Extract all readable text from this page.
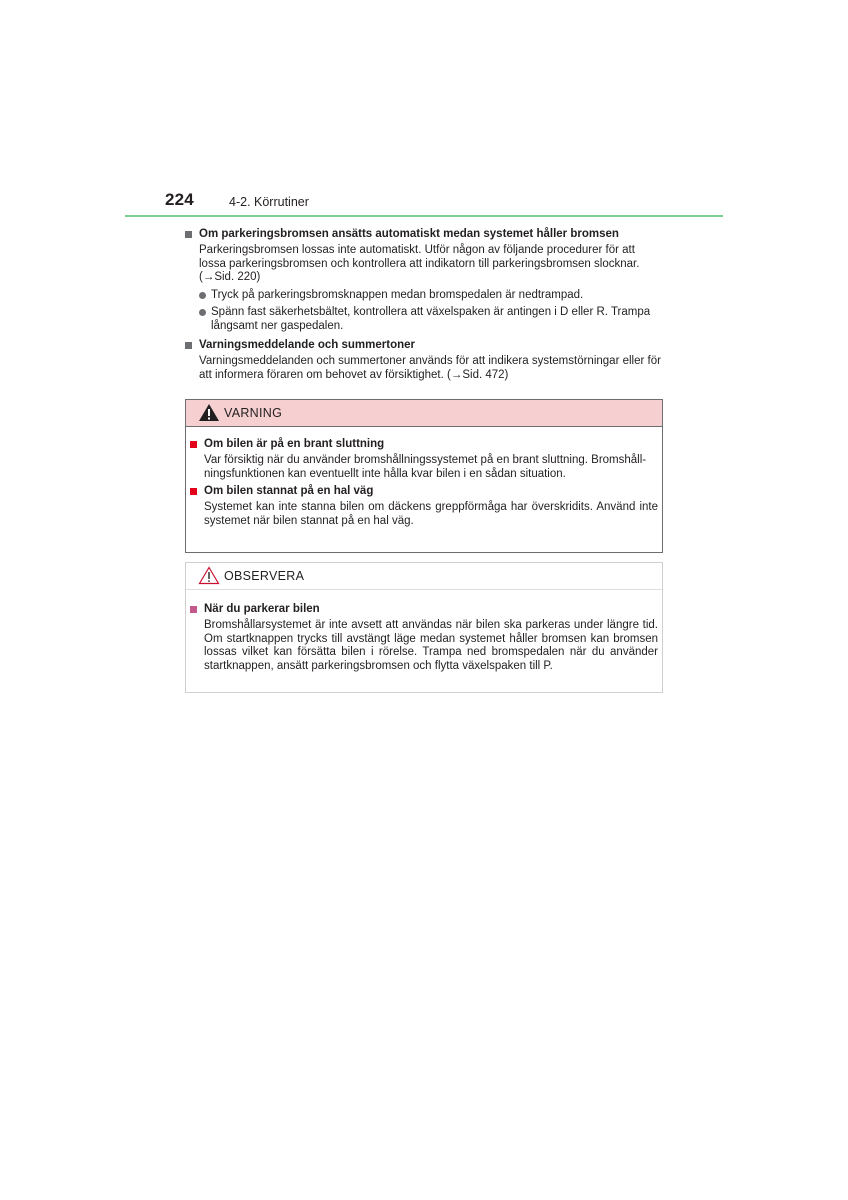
224	4-2. Körrutiner
Om parkeringsbromsen ansätts automatiskt medan systemet håller bromsen
Parkeringsbromsen lossas inte automatiskt. Utför någon av följande procedurer för att lossa parkeringsbromsen och kontrollera att indikatorn till parkeringsbromsen slocknar. (→Sid. 220)
Tryck på parkeringsbromsknappen medan bromspedalen är nedtrampad.
Spänn fast säkerhetsbältet, kontrollera att växelspaken är antingen i D eller R. Trampa långsamt ner gaspedalen.
Varningsmeddelande och summertoner
Varningsmeddelanden och summertoner används för att indikera systemstörningar eller för att informera föraren om behovet av försiktighet. (→Sid. 472)
VARNING
Om bilen är på en brant sluttning
Var försiktig när du använder bromshållningssystemet på en brant sluttning. Bromshåll-ningsfunktionen kan eventuellt inte hålla kvar bilen i en sådan situation.
Om bilen stannat på en hal väg
Systemet kan inte stanna bilen om däckens greppförmåga har överskridits. Använd inte systemet när bilen stannat på en hal väg.
OBSERVERA
När du parkerar bilen
Bromshållarsystemet är inte avsett att användas när bilen ska parkeras under längre tid. Om startknappen trycks till avstängt läge medan systemet håller bromsen kan bromsen lossas vilket kan försätta bilen i rörelse. Trampa ned bromspedalen när du använder startknappen, ansätt parkeringsbromsen och flytta växelspaken till P.
